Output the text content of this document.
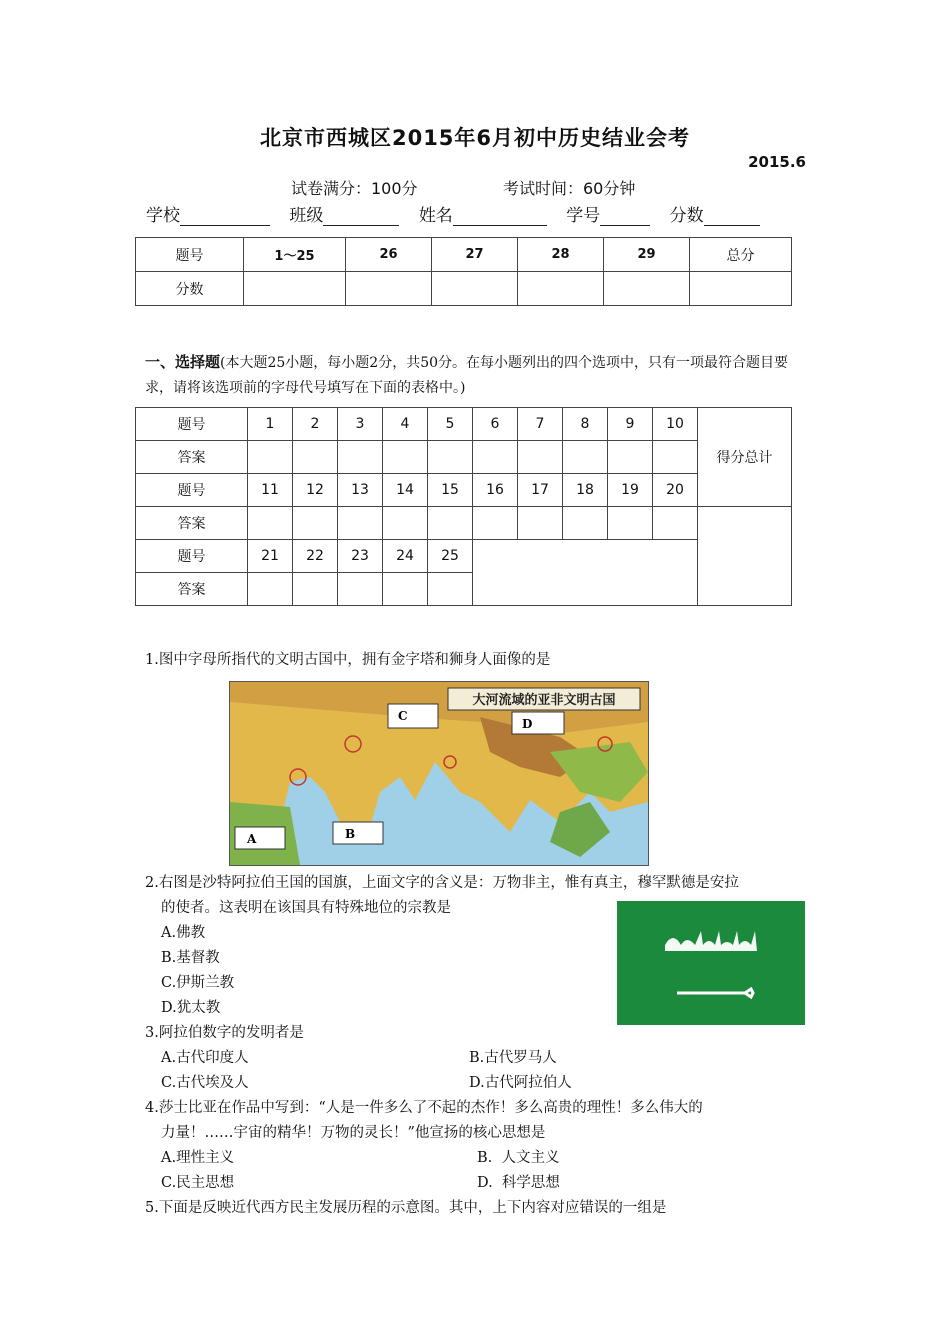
北京市西城区2015年6月初中历史结业会考
2015.6
试卷满分：100分	考试时间：60分钟
学校	班级	姓名	学号	分数
题号	1～25	26	27	28	29	总分
分数						
一、选择题(本大题25小题，每小题2分，共50分。在每小题列出的四个选项中，只有一项最符合题目要求，请将该选项前的字母代号填写在下面的表格中。)
题号	1	2	3	4	5	6	7	8	9	10	得分总计
答案											
题号	11	12	13	14	15	16	17	18	19	20	
答案											
题号	21	22	23	24	25						
答案											
1.图中字母所指代的文明古国中，拥有金字塔和狮身人面像的是
大河流域的亚非文明古国
A	B
C
D
2.右图是沙特阿拉伯王国的国旗，上面文字的含义是：万物非主，惟有真主，穆罕默德是安拉
的使者。这表明在该国具有特殊地位的宗教是
A.佛教
B.基督教
C.伊斯兰教
D.犹太教
3.阿拉伯数字的发明者是
A.古代印度人	B.古代罗马人
C.古代埃及人	D.古代阿拉伯人
4.莎士比亚在作品中写到：“人是一件多么了不起的杰作！多么高贵的理性！多么伟大的
力量！……宇宙的精华！万物的灵长！”他宣扬的核心思想是
A.理性主义	B.  人文主义
C.民主思想	D.  科学思想
5.下面是反映近代西方民主发展历程的示意图。其中，上下内容对应错误的一组是
